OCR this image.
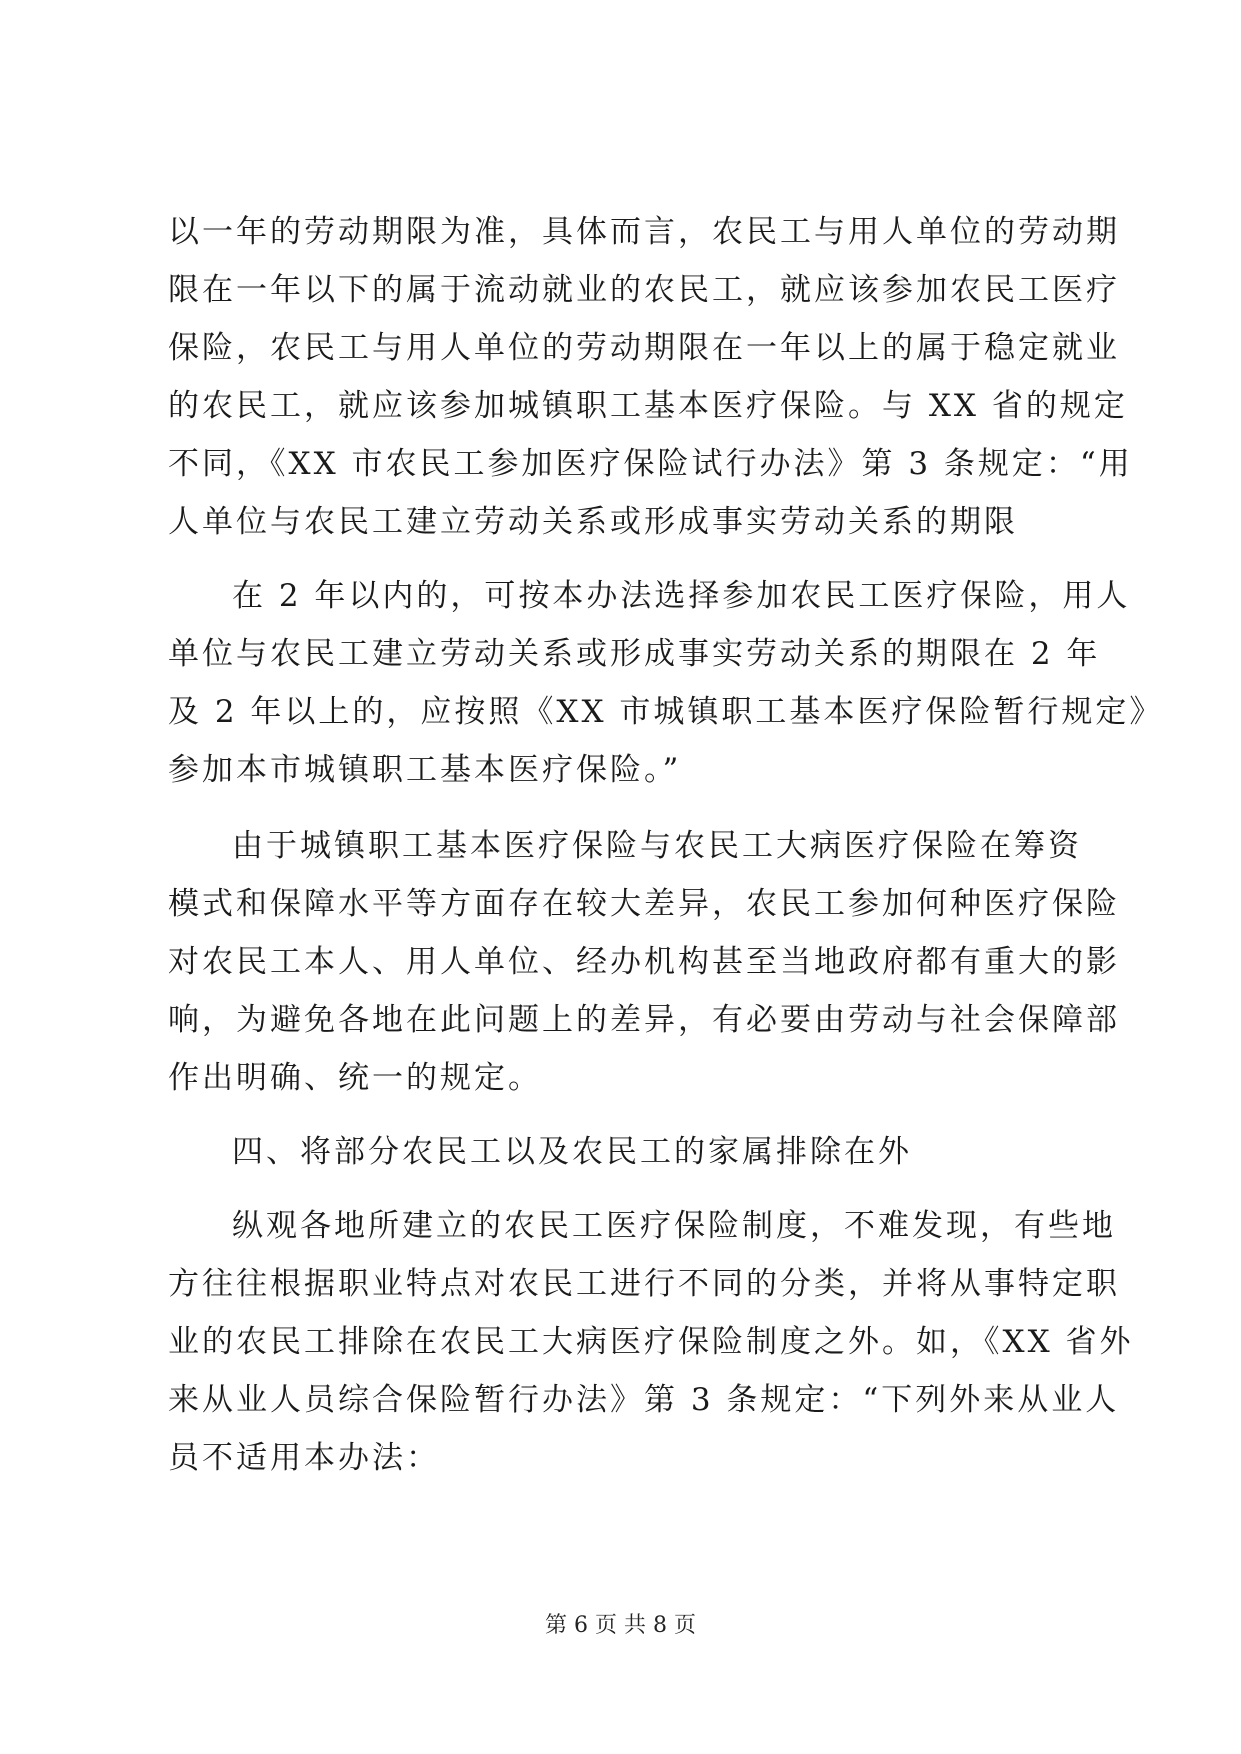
以一年的劳动期限为准，具体而言，农民工与用人单位的劳动期
限在一年以下的属于流动就业的农民工，就应该参加农民工医疗
保险，农民工与用人单位的劳动期限在一年以上的属于稳定就业
的农民工，就应该参加城镇职工基本医疗保险。与 XX 省的规定
不同，《XX 市农民工参加医疗保险试行办法》第 3 条规定：“用
人单位与农民工建立劳动关系或形成事实劳动关系的期限
在 2 年以内的，可按本办法选择参加农民工医疗保险，用人
单位与农民工建立劳动关系或形成事实劳动关系的期限在 2 年
及 2 年以上的，应按照《XX 市城镇职工基本医疗保险暂行规定》
参加本市城镇职工基本医疗保险。”
由于城镇职工基本医疗保险与农民工大病医疗保险在筹资
模式和保障水平等方面存在较大差异，农民工参加何种医疗保险
对农民工本人、用人单位、经办机构甚至当地政府都有重大的影
响，为避免各地在此问题上的差异，有必要由劳动与社会保障部
作出明确、统一的规定。
四、将部分农民工以及农民工的家属排除在外
纵观各地所建立的农民工医疗保险制度，不难发现，有些地
方往往根据职业特点对农民工进行不同的分类，并将从事特定职
业的农民工排除在农民工大病医疗保险制度之外。如，《XX 省外
来从业人员综合保险暂行办法》第 3 条规定：“下列外来从业人
员不适用本办法：
第 6 页 共 8 页
